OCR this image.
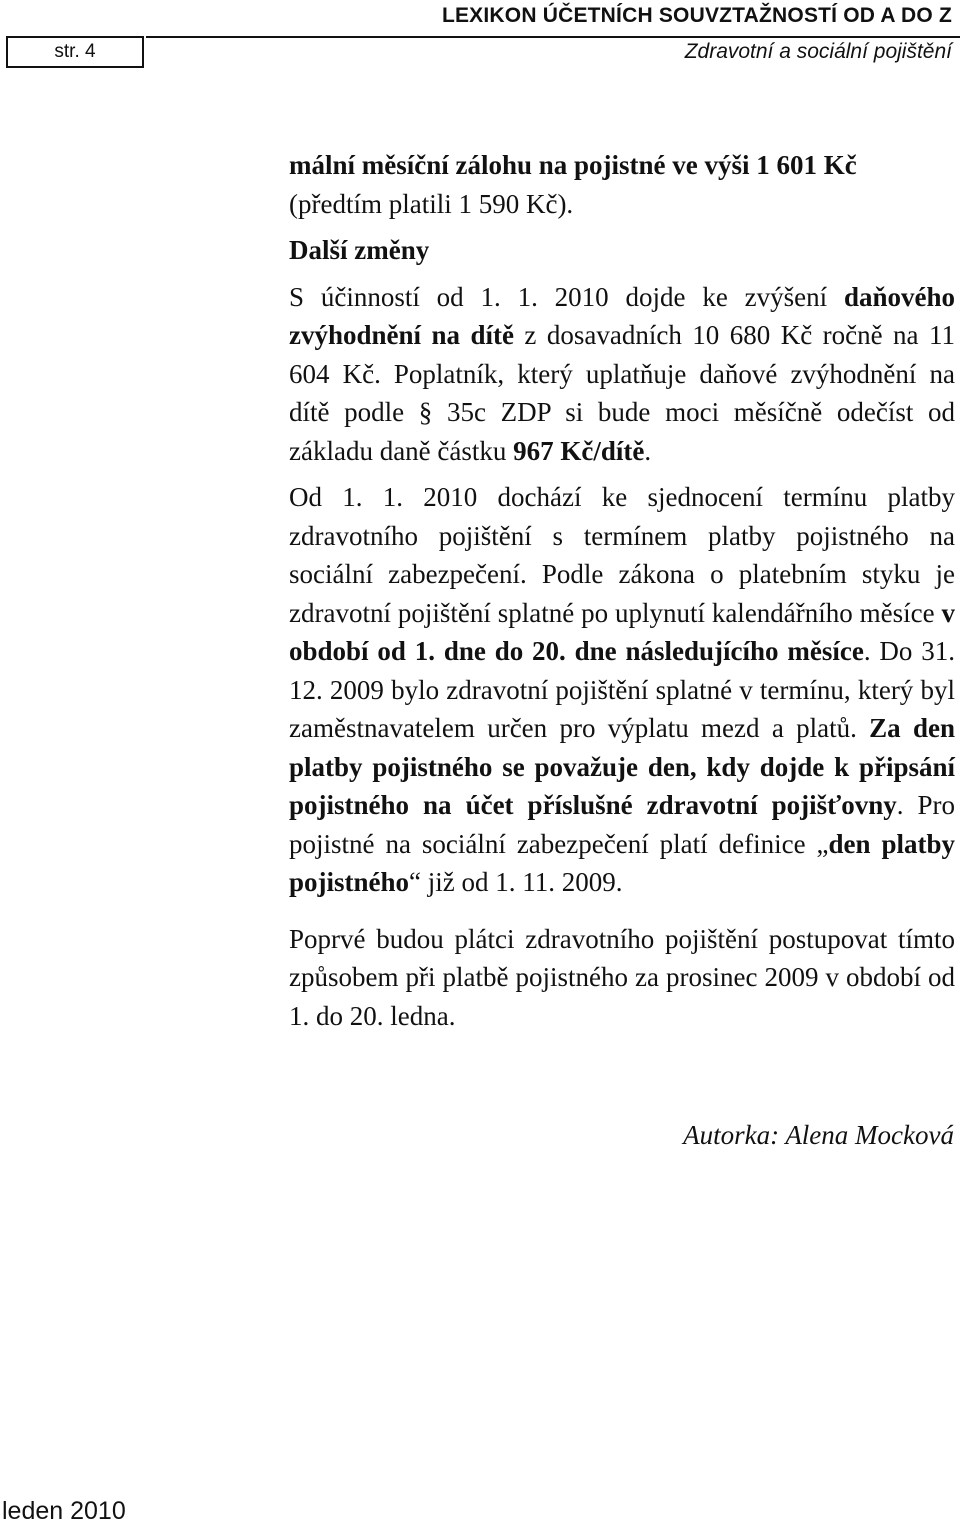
str. 4
LEXIKON ÚČETNÍCH SOUVZTAŽNOSTÍ OD A DO Z
Zdravotní a sociální pojištění

mální měsíční zálohu na pojistné ve výši 1 601 Kč
(předtím platili 1 590 Kč).

Další změny

S účinností od 1. 1. 2010 dojde ke zvýšení daňového zvýhodnění na dítě z dosavadních 10 680 Kč ročně na 11 604 Kč. Poplatník, který uplatňuje daňové zvýhodnění na dítě podle § 35c ZDP si bude moci měsíčně odečíst od základu daně částku 967 Kč/dítě.

Od 1. 1. 2010 dochází ke sjednocení termínu platby zdravotního pojištění s termínem platby pojistného na sociální zabezpečení. Podle zákona o platebním styku je zdravotní pojištění splatné po uplynutí kalendářního měsíce v období od 1. dne do 20. dne následujícího měsíce. Do 31. 12. 2009 bylo zdravotní pojištění splatné v termínu, který byl zaměstnavatelem určen pro výplatu mezd a platů. Za den platby pojistného se považuje den, kdy dojde k připsání pojistného na účet příslušné zdravotní pojišťovny. Pro pojistné na sociální zabezpečení platí definice „den platby pojistného“ již od 1. 11. 2009.

Poprvé budou plátci zdravotního pojištění postupovat tímto způsobem při platbě pojistného za prosinec 2009 v období od 1. do 20. ledna.

Autorka: Alena Mocková
leden 2010
